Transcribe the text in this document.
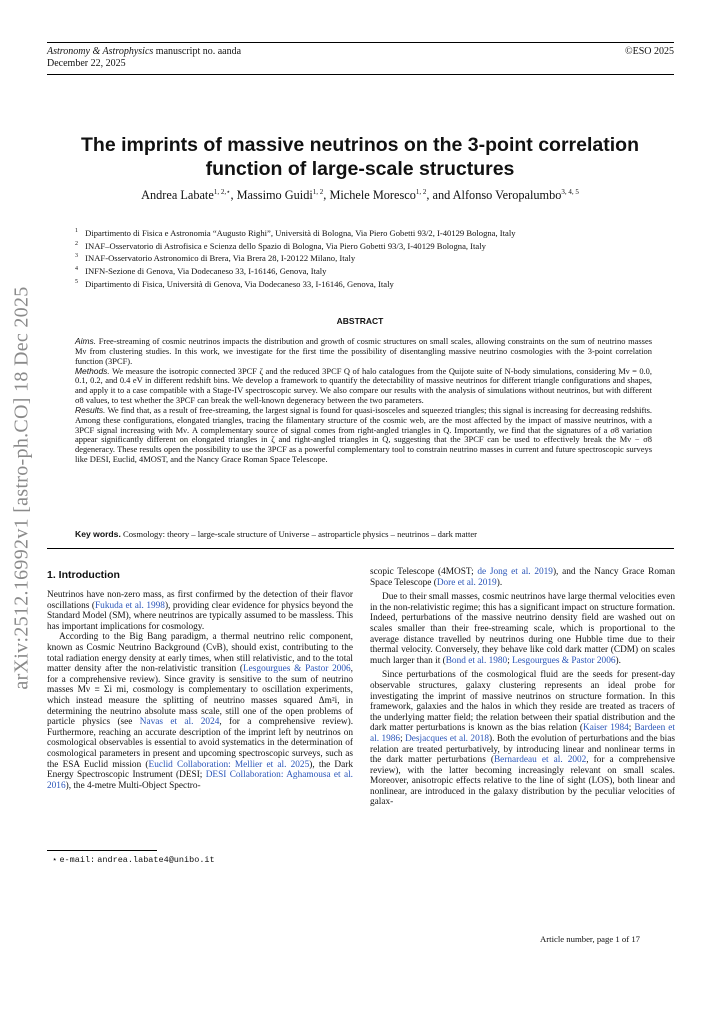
Astronomy & Astrophysics manuscript no. aanda
December 22, 2025
©ESO 2025
arXiv:2512.16992v1 [astro-ph.CO] 18 Dec 2025
The imprints of massive neutrinos on the 3-point correlation function of large-scale structures
Andrea Labate$^{1, 2,⋆}$, Massimo Guidi$^{1, 2}$, Michele Moresco$^{1, 2}$, and Alfonso Veropalumbo$^{3, 4, 5}$
$^1$ Dipartimento di Fisica e Astronomia “Augusto Righi”, Università di Bologna, Via Piero Gobetti 93/2, I-40129 Bologna, Italy
$^2$ INAF–Osservatorio di Astrofisica e Scienza dello Spazio di Bologna, Via Piero Gobetti 93/3, I-40129 Bologna, Italy
$^3$ INAF-Osservatorio Astronomico di Brera, Via Brera 28, I-20122 Milano, Italy
$^4$ INFN-Sezione di Genova, Via Dodecaneso 33, I-16146, Genova, Italy
$^5$ Dipartimento di Fisica, Università di Genova, Via Dodecaneso 33, I-16146, Genova, Italy
ABSTRACT
Aims. Free-streaming of cosmic neutrinos impacts the distribution and growth of cosmic structures on small scales, allowing constraints on the sum of neutrino masses Mν from clustering studies. In this work, we investigate for the first time the possibility of disentangling massive neutrino cosmologies with the 3-point correlation function (3PCF).
Methods. We measure the isotropic connected 3PCF ζ and the reduced 3PCF Q of halo catalogues from the Quijote suite of N-body simulations, considering Mν = 0.0, 0.1, 0.2, and 0.4 eV in different redshift bins. We develop a framework to quantify the detectability of massive neutrinos for different triangle configurations and shapes, and apply it to a case compatible with a Stage-IV spectroscopic survey. We also compare our results with the analysis of simulations without neutrinos, but with different σ8 values, to test whether the 3PCF can break the well-known degeneracy between the two parameters.
Results. We find that, as a result of free-streaming, the largest signal is found for quasi-isosceles and squeezed triangles; this signal is increasing for decreasing redshifts. Among these configurations, elongated triangles, tracing the filamentary structure of the cosmic web, are the most affected by the impact of massive neutrinos, with a 3PCF signal increasing with Mν. A complementary source of signal comes from right-angled triangles in Q. Importantly, we find that the signatures of a σ8 variation appear significantly different on elongated triangles in ζ and right-angled triangles in Q, suggesting that the 3PCF can be used to effectively break the Mν − σ8 degeneracy. These results open the possibility to use the 3PCF as a powerful complementary tool to constrain neutrino masses in current and future spectroscopic surveys like DESI, Euclid, 4MOST, and the Nancy Grace Roman Space Telescope.
Key words. Cosmology: theory – large-scale structure of Universe – astroparticle physics – neutrinos – dark matter
1. Introduction

Neutrinos have non-zero mass, as first confirmed by the detection of their flavor oscillations (Fukuda et al. 1998), providing clear evidence for physics beyond the Standard Model (SM), where neutrinos are typically assumed to be massless. This has important implications for cosmology.

According to the Big Bang paradigm, a thermal neutrino relic component, known as Cosmic Neutrino Background (CνB), should exist, contributing to the total radiation energy density at early times, when still relativistic, and to the total matter density after the non-relativistic transition (Lesgourgues & Pastor 2006, for a comprehensive review). Since gravity is sensitive to the sum of neutrino masses Mν ≡ Σi mi, cosmology is complementary to oscillation experiments, which instead measure the splitting of neutrino masses squared Δm²i, in determining the neutrino absolute mass scale, still one of the open problems of particle physics (see Navas et al. 2024, for a comprehensive review). Furthermore, reaching an accurate description of the imprint left by neutrinos on cosmological observables is essential to avoid systematics in the determination of cosmological parameters in present and upcoming spectroscopic surveys, such as the ESA Euclid mission (Euclid Collaboration: Mellier et al. 2025), the Dark Energy Spectroscopic Instrument (DESI; DESI Collaboration: Aghamousa et al. 2016), the 4-metre Multi-Object Spectro-

⋆ e-mail: andrea.labate4@unibo.it

scopic Telescope (4MOST; de Jong et al. 2019), and the Nancy Grace Roman Space Telescope (Dore et al. 2019).

Due to their small masses, cosmic neutrinos have large thermal velocities even in the non-relativistic regime; this has a significant impact on structure formation. Indeed, perturbations of the massive neutrino density field are washed out on scales smaller than their free-streaming scale, which is proportional to the average distance travelled by neutrinos during one Hubble time due to their thermal velocity. Conversely, they behave like cold dark matter (CDM) on scales much larger than it (Bond et al. 1980; Lesgourgues & Pastor 2006).

Since perturbations of the cosmological fluid are the seeds for present-day observable structures, galaxy clustering represents an ideal probe for investigating the imprint of massive neutrinos on structure formation. In this framework, galaxies and the halos in which they reside are treated as tracers of the underlying matter field; the relation between their spatial distribution and the dark matter perturbations is known as the bias relation (Kaiser 1984; Bardeen et al. 1986; Desjacques et al. 2018). Both the evolution of perturbations and the bias relation are treated perturbatively, by introducing linear and nonlinear terms in the dark matter perturbations (Bernardeau et al. 2002, for a comprehensive review), with the latter becoming increasingly relevant on small scales. Moreover, anisotropic effects relative to the line of sight (LOS), both linear and nonlinear, are introduced in the galaxy distribution by the peculiar velocities of galax-

Article number, page 1 of 17
